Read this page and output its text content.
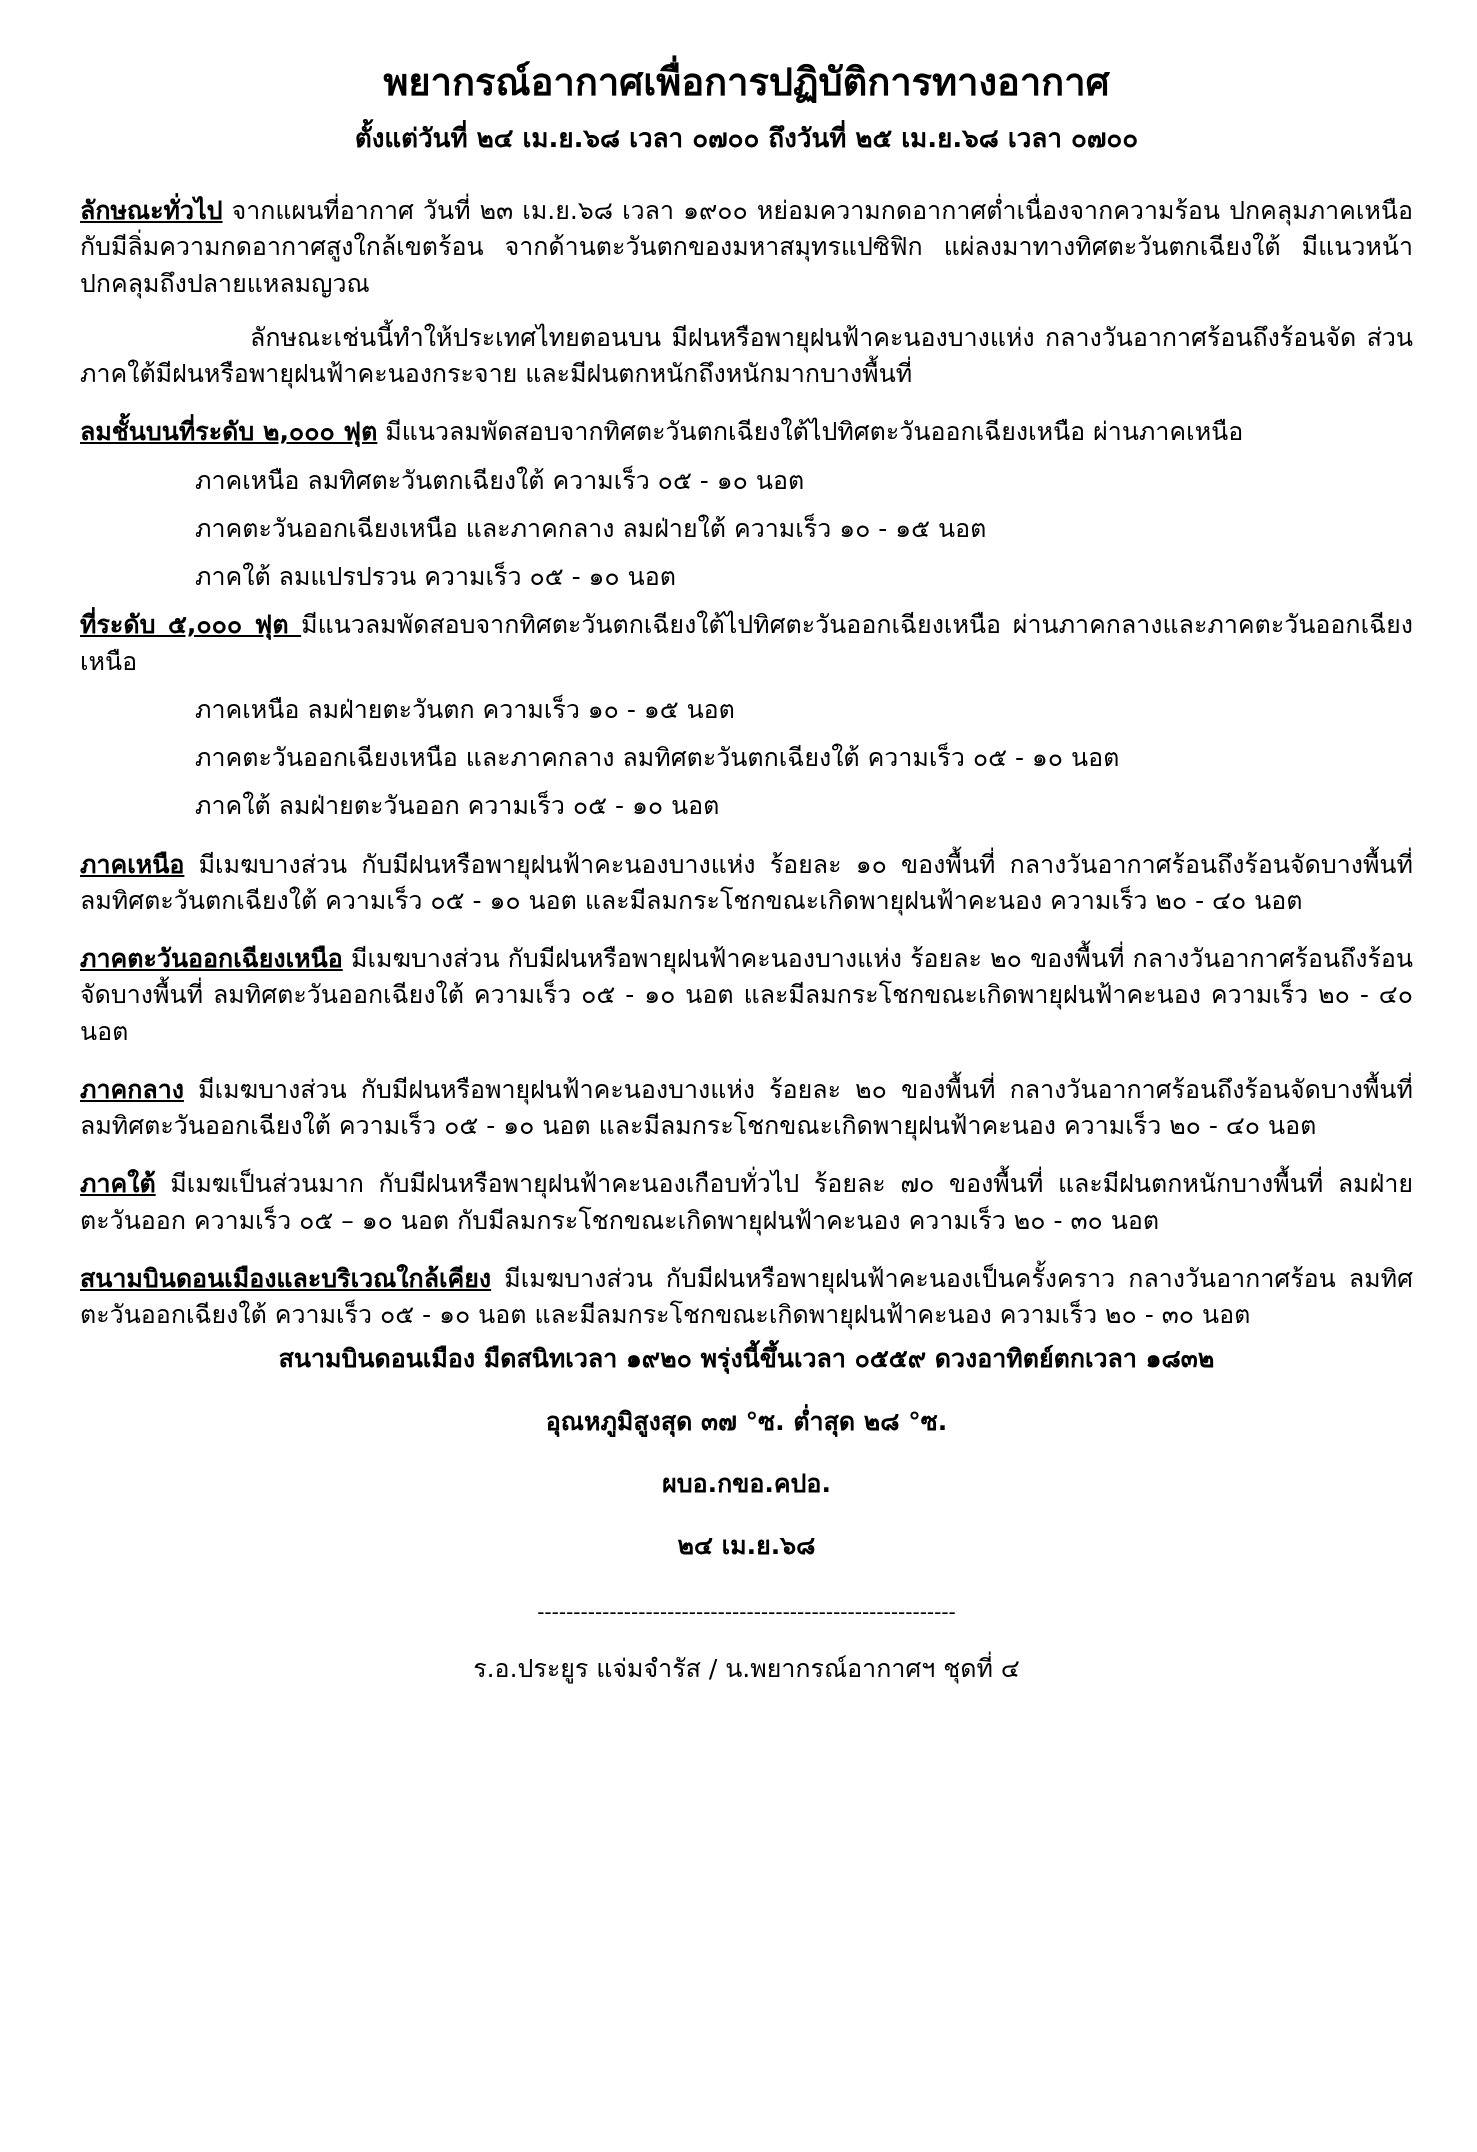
พยากรณ์อากาศเพื่อการปฏิบัติการทางอากาศ

ตั้งแต่วันที่ ๒๔ เม.ย.๖๘ เวลา ๐๗๐๐ ถึงวันที่ ๒๕ เม.ย.๖๘ เวลา ๐๗๐๐

ลักษณะทั่วไป จากแผนที่อากาศ วันที่ ๒๓ เม.ย.๖๘ เวลา ๑๙๐๐ หย่อมความกดอากาศต่ำเนื่องจากความร้อน ปกคลุมภาคเหนือ กับมีลิ่มความกดอากาศสูงใกล้เขตร้อน จากด้านตะวันตกของมหาสมุทรแปซิฟิก แผ่ลงมาทางทิศตะวันตกเฉียงใต้ มีแนวหน้าปกคลุมถึงปลายแหลมญวณ

ลักษณะเช่นนี้ทำให้ประเทศไทยตอนบน มีฝนหรือพายุฝนฟ้าคะนองบางแห่ง กลางวันอากาศร้อนถึงร้อนจัด ส่วนภาคใต้มีฝนหรือพายุฝนฟ้าคะนองกระจาย และมีฝนตกหนักถึงหนักมากบางพื้นที่

ลมชั้นบนที่ระดับ ๒,๐๐๐ ฟุต มีแนวลมพัดสอบจากทิศตะวันตกเฉียงใต้ไปทิศตะวันออกเฉียงเหนือ ผ่านภาคเหนือ

ภาคเหนือ ลมทิศตะวันตกเฉียงใต้ ความเร็ว ๐๕ - ๑๐ นอต

ภาคตะวันออกเฉียงเหนือ และภาคกลาง ลมฝ่ายใต้ ความเร็ว ๑๐ - ๑๕ นอต

ภาคใต้ ลมแปรปรวน ความเร็ว ๐๕ - ๑๐ นอต

ที่ระดับ ๕,๐๐๐ ฟุต มีแนวลมพัดสอบจากทิศตะวันตกเฉียงใต้ไปทิศตะวันออกเฉียงเหนือ ผ่านภาคกลางและภาคตะวันออกเฉียงเหนือ

ภาคเหนือ ลมฝ่ายตะวันตก ความเร็ว ๑๐ - ๑๕ นอต

ภาคตะวันออกเฉียงเหนือ และภาคกลาง ลมทิศตะวันตกเฉียงใต้ ความเร็ว ๐๕ - ๑๐ นอต

ภาคใต้ ลมฝ่ายตะวันออก ความเร็ว ๐๕ - ๑๐ นอต

ภาคเหนือ มีเมฆบางส่วน กับมีฝนหรือพายุฝนฟ้าคะนองบางแห่ง ร้อยละ ๑๐ ของพื้นที่ กลางวันอากาศร้อนถึงร้อนจัดบางพื้นที่ ลมทิศตะวันตกเฉียงใต้ ความเร็ว ๐๕ - ๑๐ นอต และมีลมกระโชกขณะเกิดพายุฝนฟ้าคะนอง ความเร็ว ๒๐ - ๔๐ นอต

ภาคตะวันออกเฉียงเหนือ มีเมฆบางส่วน กับมีฝนหรือพายุฝนฟ้าคะนองบางแห่ง ร้อยละ ๒๐ ของพื้นที่ กลางวันอากาศร้อนถึงร้อนจัดบางพื้นที่ ลมทิศตะวันออกเฉียงใต้ ความเร็ว ๐๕ - ๑๐ นอต และมีลมกระโชกขณะเกิดพายุฝนฟ้าคะนอง ความเร็ว ๒๐ - ๔๐ นอต

ภาคกลาง มีเมฆบางส่วน กับมีฝนหรือพายุฝนฟ้าคะนองบางแห่ง ร้อยละ ๒๐ ของพื้นที่ กลางวันอากาศร้อนถึงร้อนจัดบางพื้นที่ ลมทิศตะวันออกเฉียงใต้ ความเร็ว ๐๕ - ๑๐ นอต และมีลมกระโชกขณะเกิดพายุฝนฟ้าคะนอง ความเร็ว ๒๐ - ๔๐ นอต

ภาคใต้ มีเมฆเป็นส่วนมาก กับมีฝนหรือพายุฝนฟ้าคะนองเกือบทั่วไป ร้อยละ ๗๐ ของพื้นที่ และมีฝนตกหนักบางพื้นที่ ลมฝ่ายตะวันออก ความเร็ว ๐๕ – ๑๐ นอต กับมีลมกระโชกขณะเกิดพายุฝนฟ้าคะนอง ความเร็ว ๒๐ - ๓๐ นอต

สนามบินดอนเมืองและบริเวณใกล้เคียง มีเมฆบางส่วน กับมีฝนหรือพายุฝนฟ้าคะนองเป็นครั้งคราว กลางวันอากาศร้อน ลมทิศตะวันออกเฉียงใต้ ความเร็ว ๐๕ - ๑๐ นอต และมีลมกระโชกขณะเกิดพายุฝนฟ้าคะนอง ความเร็ว ๒๐ - ๓๐ นอต

สนามบินดอนเมือง มืดสนิทเวลา ๑๙๒๐ พรุ่งนี้ขึ้นเวลา ๐๕๕๙ ดวงอาทิตย์ตกเวลา ๑๘๓๒

อุณหภูมิสูงสุด ๓๗ °ซ. ต่ำสุด ๒๘ °ซ.

ผบอ.กขอ.คปอ.

๒๔ เม.ย.๖๘

----------------------------------------------------------

ร.อ.ประยูร แจ่มจำรัส / น.พยากรณ์อากาศฯ ชุดที่ ๔
